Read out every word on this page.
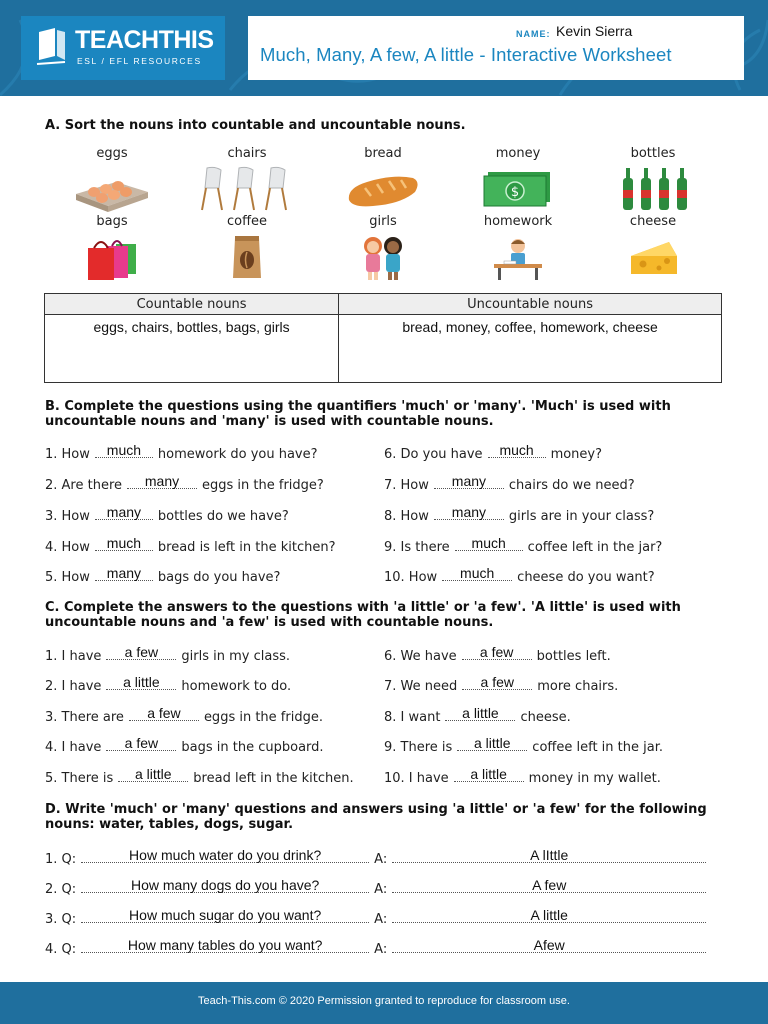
TEACHTHIS
ESL / EFL RESOURCES
NAME: Kevin Sierra
Much, Many, A few, A little - Interactive Worksheet
A. Sort the nouns into countable and uncountable nouns.
eggs	chairs	bread	money
$
bottles
bags	coffee	girls	homework	cheese
Countable nouns	Uncountable nouns
eggs, chairs, bottles, bags, girls	bread, money, coffee, homework, cheese
B. Complete the questions using the quantifiers 'much' or 'many'. 'Much' is used with uncountable nouns and 'many' is used with countable nouns.
1. How	much	homework do you have?
2. Are there	many	eggs in the fridge?
3. How	many	bottles do we have?
4. How	much	bread is left in the kitchen?
5. How	many	bags do you have?
6. Do you have	much	money?
7. How	many	chairs do we need?
8. How	many	girls are in your class?
9. Is there	much	coffee left in the jar?
10. How	much	cheese do you want?
C. Complete the answers to the questions with 'a little' or 'a few'. 'A little' is used with uncountable nouns and 'a few' is used with countable nouns.
1. I have	a few	girls in my class.
2. I have	a little	homework to do.
3. There are	a few	eggs in the fridge.
4. I have	a few	bags in the cupboard.
5. There is	a little	bread left in the kitchen.
6. We have	a few	bottles left.
7. We need	a few	more chairs.
8. I want	a little	cheese.
9. There is	a little	coffee left in the jar.
10. I have	a little	money in my wallet.
D. Write 'much' or 'many' questions and answers using 'a little' or 'a few' for the following nouns: water, tables, dogs, sugar.
1. Q:	How much water do you drink?	A:	A lIttle
2. Q:	How many dogs do you have?	A:	A few
3. Q:	How much sugar do you want?	A:	A little
4. Q:	How many tables do you want?	A:	Afew
Teach-This.com © 2020 Permission granted to reproduce for classroom use.
